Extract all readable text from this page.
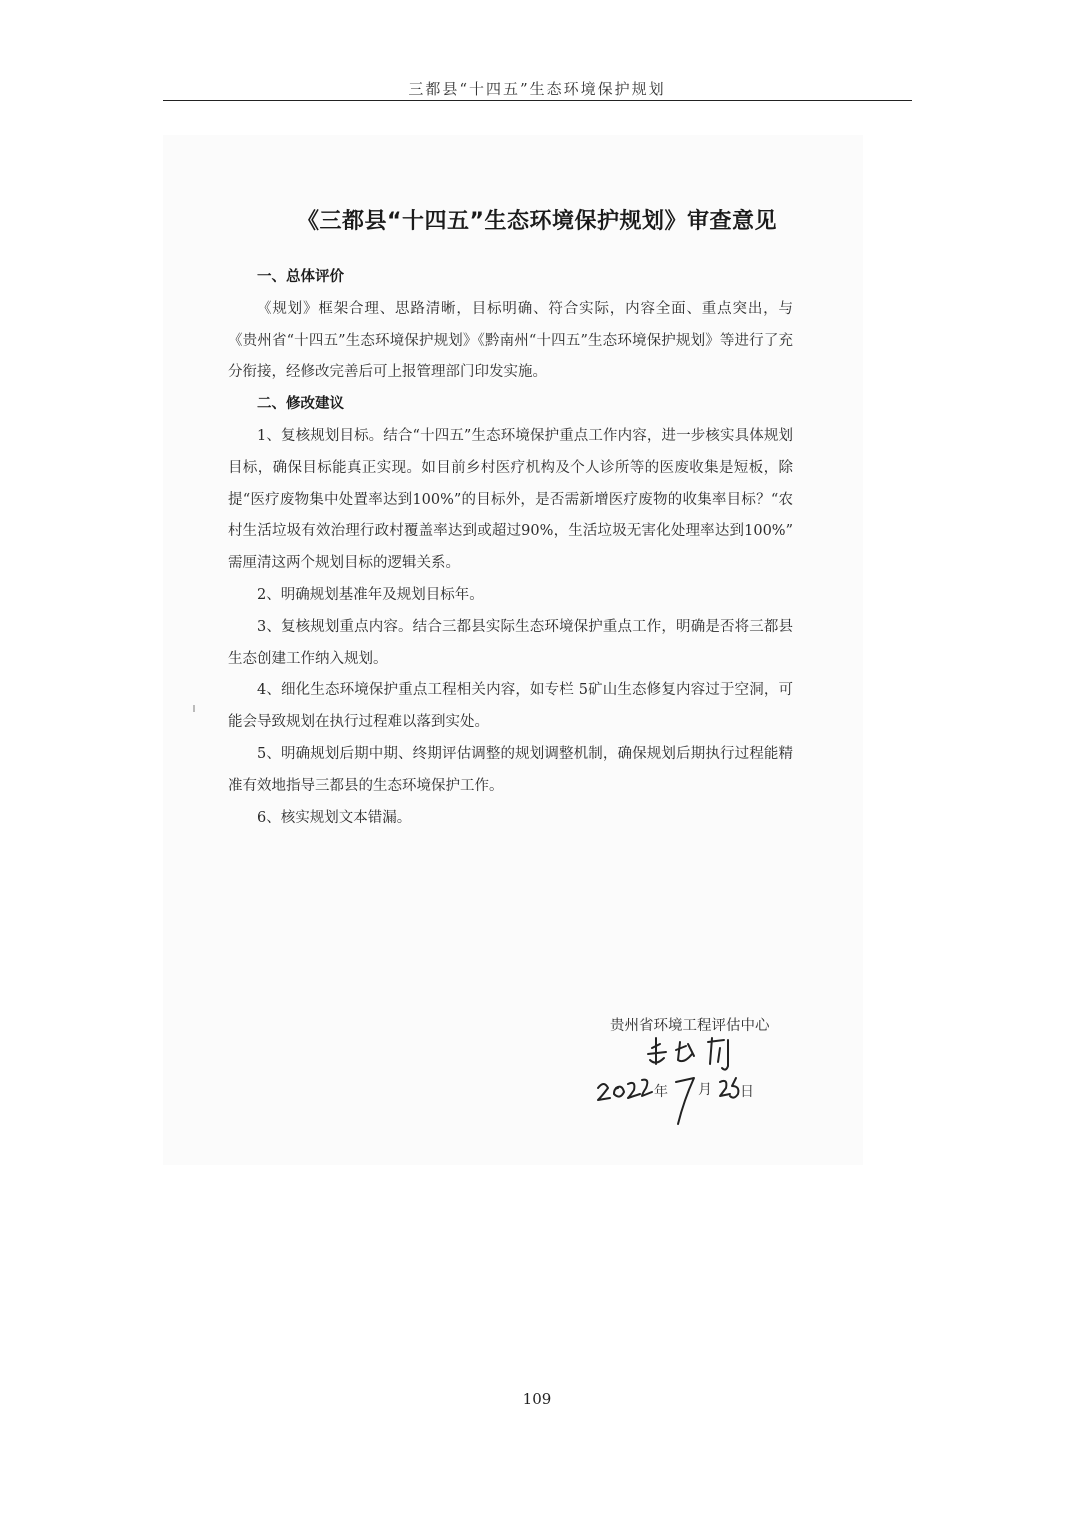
三都县“十四五”生态环境保护规划
《三都县“十四五”生态环境保护规划》审查意见
一、总体评价

《规划》框架合理、思路清晰，目标明确、符合实际，内容全面、重点突出，与《贵州省“十四五”生态环境保护规划》《黔南州“十四五”生态环境保护规划》等进行了充分衔接，经修改完善后可上报管理部门印发实施。

二、修改建议

1、复核规划目标。结合“十四五”生态环境保护重点工作内容，进一步核实具体规划目标，确保目标能真正实现。如目前乡村医疗机构及个人诊所等的医废收集是短板，除提“医疗废物集中处置率达到100%”的目标外，是否需新增医疗废物的收集率目标？“农村生活垃圾有效治理行政村覆盖率达到或超过90%，生活垃圾无害化处理率达到100%” 需厘清这两个规划目标的逻辑关系。

2、明确规划基准年及规划目标年。

3、复核规划重点内容。结合三都县实际生态环境保护重点工作，明确是否将三都县生态创建工作纳入规划。

4、细化生态环境保护重点工程相关内容，如专栏 5矿山生态修复内容过于空洞，可能会导致规划在执行过程难以落到实处。

5、明确规划后期中期、终期评估调整的规划调整机制，确保规划后期执行过程能精准有效地指导三都县的生态环境保护工作。

6、核实规划文本错漏。

贵州省环境工程评估中心
年 月 日
109
